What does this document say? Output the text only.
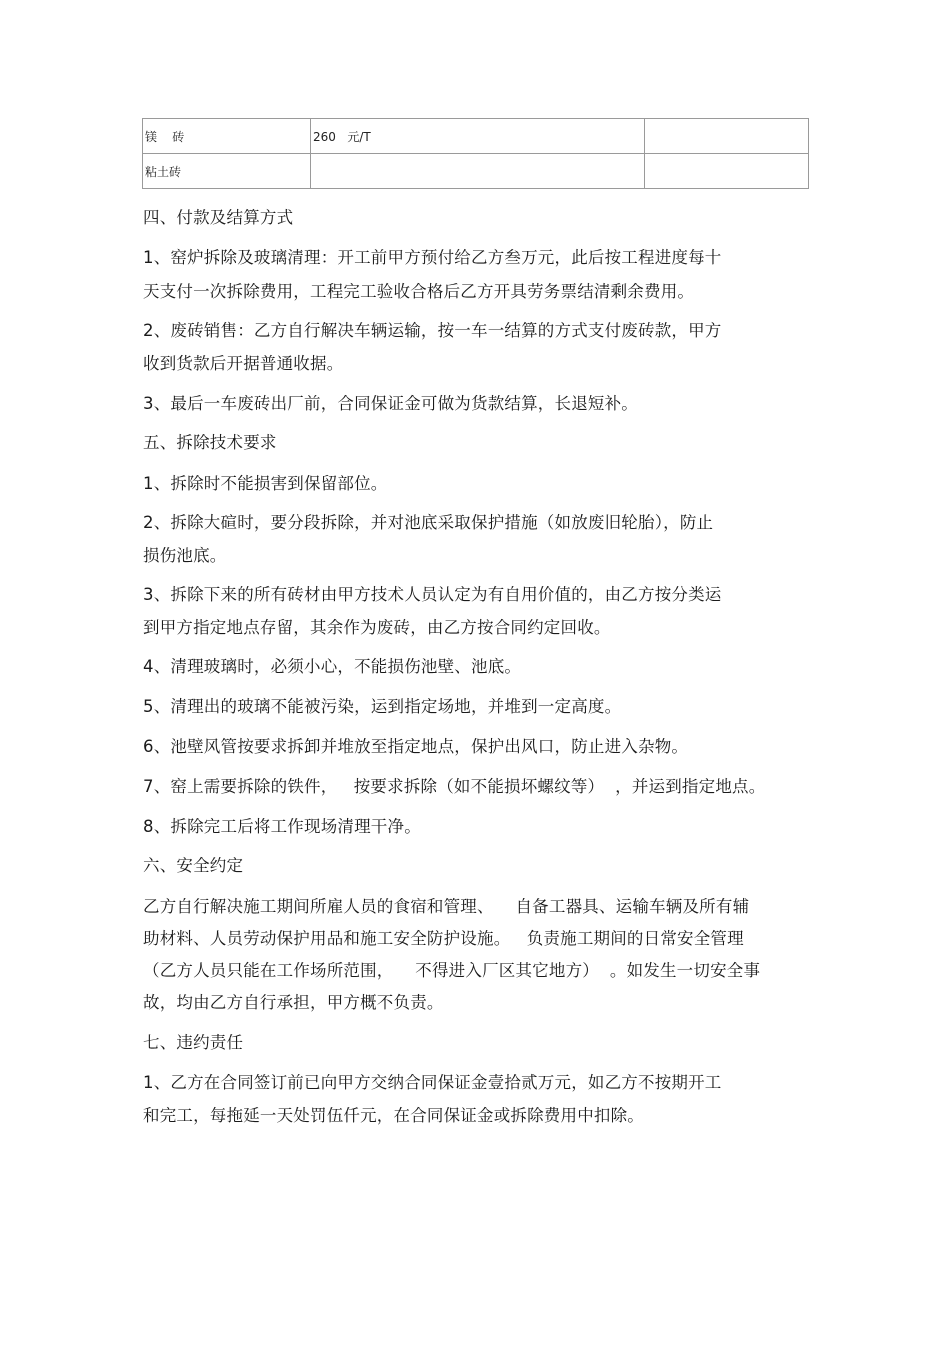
镁    砖	260   元/T	
粘土砖		
四、付款及结算方式
1、窑炉拆除及玻璃清理：开工前甲方预付给乙方叁万元，此后按工程进度每十
天支付一次拆除费用，工程完工验收合格后乙方开具劳务票结清剩余费用。
2、废砖销售：乙方自行解决车辆运输，按一车一结算的方式支付废砖款，甲方
收到货款后开据普通收据。
3、最后一车废砖出厂前，合同保证金可做为货款结算，长退短补。
五、拆除技术要求
1、拆除时不能损害到保留部位。
2、拆除大碹时，要分段拆除，并对池底采取保护措施（如放废旧轮胎），防止
损伤池底。
3、拆除下来的所有砖材由甲方技术人员认定为有自用价值的，由乙方按分类运
到甲方指定地点存留，其余作为废砖，由乙方按合同约定回收。
4、清理玻璃时，必须小心，不能损伤池壁、池底。
5、清理出的玻璃不能被污染，运到指定场地，并堆到一定高度。
6、池壁风管按要求拆卸并堆放至指定地点，保护出风口，防止进入杂物。
7、窑上需要拆除的铁件，   按要求拆除（如不能损坏螺纹等）  ，并运到指定地点。
8、拆除完工后将工作现场清理干净。
六、安全约定
乙方自行解决施工期间所雇人员的食宿和管理、    自备工器具、运输车辆及所有辅
助材料、人员劳动保护用品和施工安全防护设施。   负责施工期间的日常安全管理
（乙方人员只能在工作场所范围，    不得进入厂区其它地方）  。如发生一切安全事
故，均由乙方自行承担，甲方概不负责。
七、违约责任
1、乙方在合同签订前已向甲方交纳合同保证金壹拾贰万元，如乙方不按期开工
和完工，每拖延一天处罚伍仟元，在合同保证金或拆除费用中扣除。
